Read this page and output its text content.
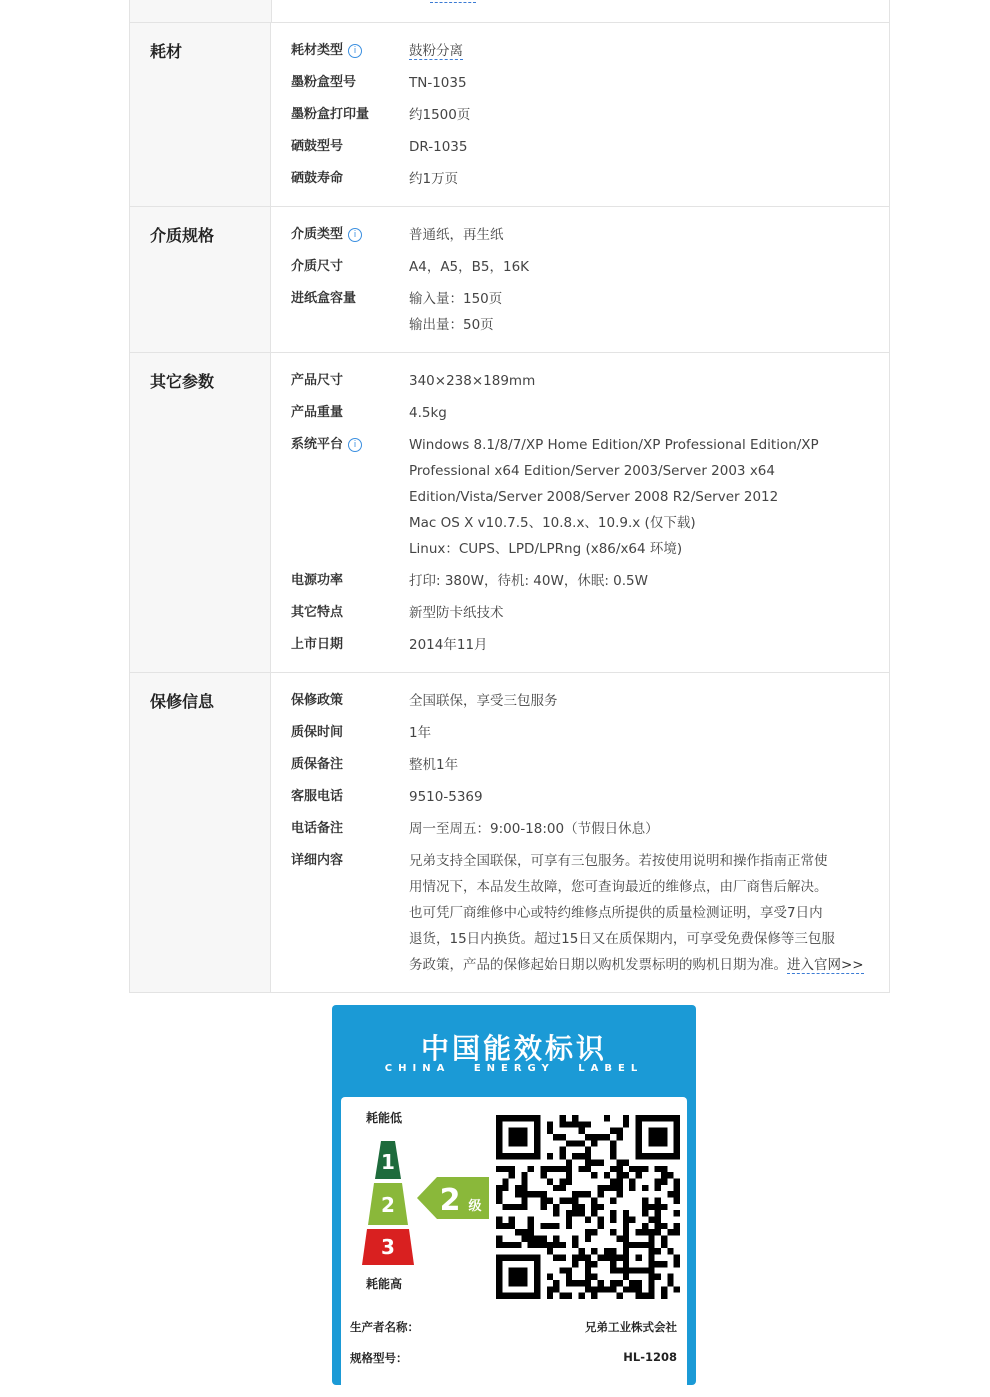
耗材	耗材类型 i	鼓粉分离
墨粉盒型号	TN-1035
墨粉盒打印量	约1500页
硒鼓型号	DR-1035
硒鼓寿命	约1万页
介质规格	介质类型 i	普通纸，再生纸
介质尺寸	A4，A5，B5，16K
进纸盒容量	输入量：150页
输出量：50页
其它参数	产品尺寸	340×238×189mm
产品重量	4.5kg
系统平台 i	Windows 8.1/8/7/XP Home Edition/XP Professional Edition/XP
Professional x64 Edition/Server 2003/Server 2003 x64
Edition/Vista/Server 2008/Server 2008 R2/Server 2012
Mac OS X v10.7.5、10.8.x、10.9.x (仅下载)
Linux：CUPS、LPD/LPRng (x86/x64 环境)
电源功率	打印: 380W，待机: 40W，休眠: 0.5W
其它特点	新型防卡纸技术
上市日期	2014年11月
保修信息	保修政策	全国联保，享受三包服务
质保时间	1年
质保备注	整机1年
客服电话	9510-5369
电话备注	周一至周五：9:00-18:00（节假日休息）
详细内容	兄弟支持全国联保，可享有三包服务。若按使用说明和操作指南正常使
用情况下，本品发生故障，您可查询最近的维修点，由厂商售后解决。
也可凭厂商维修中心或特约维修点所提供的质量检测证明，享受7日内
退货，15日内换货。超过15日又在质保期内，可享受免费保修等三包服
务政策，产品的保修起始日期以购机发票标明的购机日期为准。进入官网>>
中国能效标识
CHINA ENERGY LABEL
耗能低
1
2
3
2 级
耗能高
生产者名称：	兄弟工业株式会社
规格型号：	HL-1208
